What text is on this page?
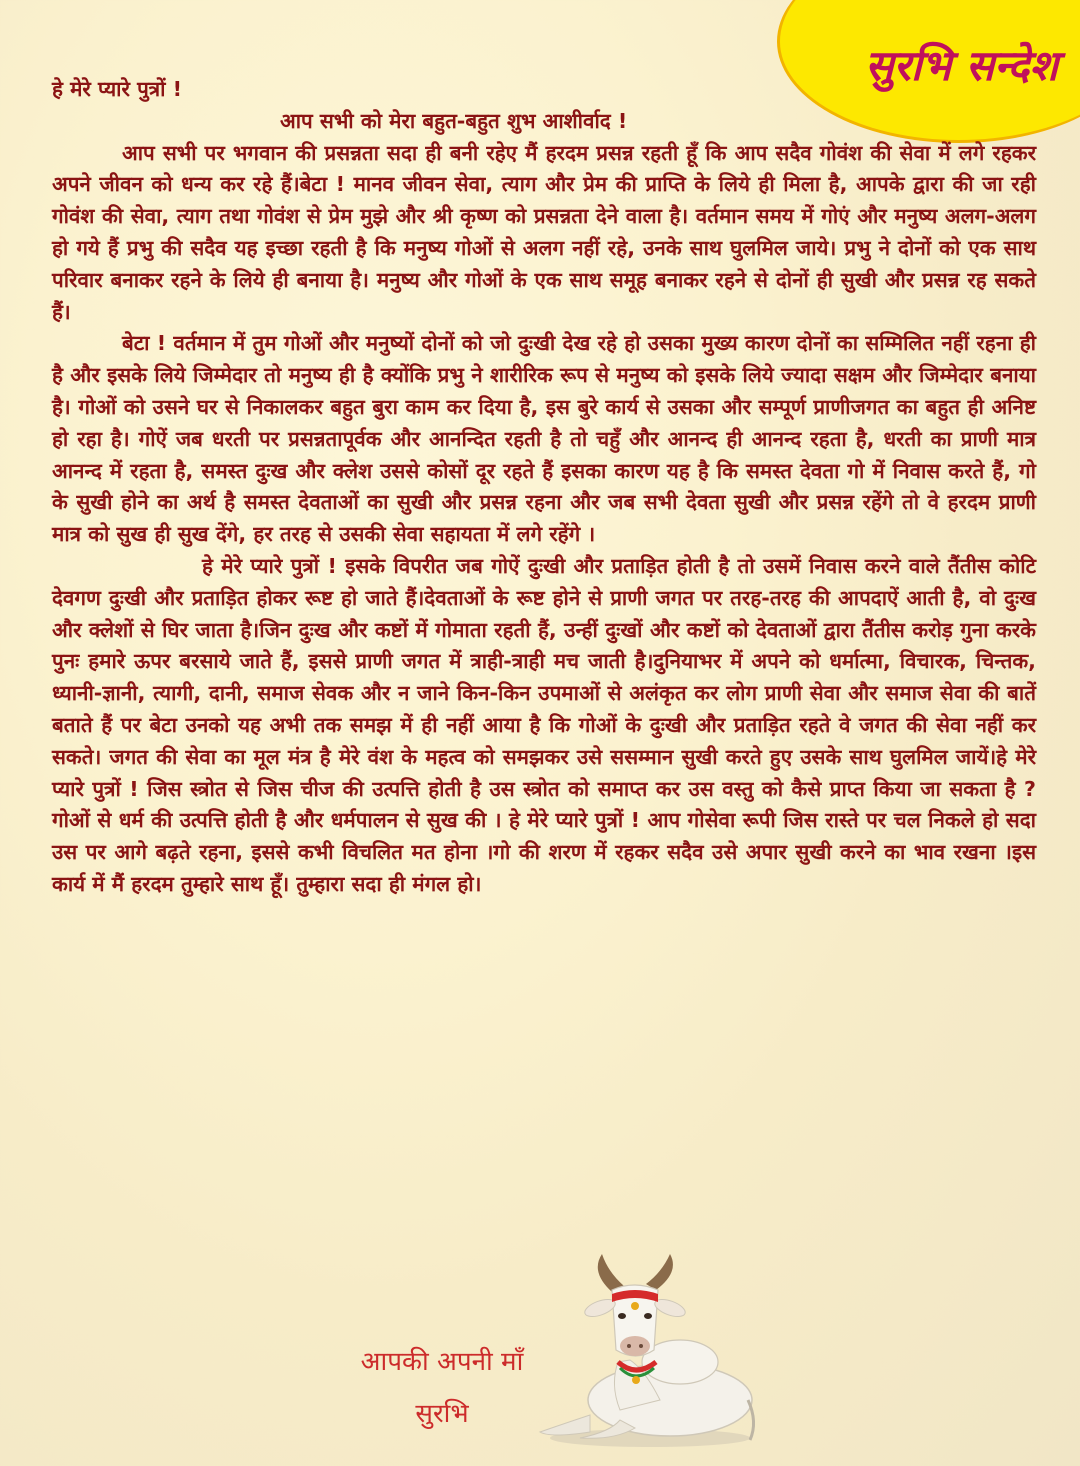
सुरभि सन्देश

हे मेरे प्यारे पुत्रों !

आप सभी को मेरा बहुत-बहुत शुभ आशीर्वाद !

आप सभी पर भगवान की प्रसन्नता सदा ही बनी रहेए मैं हरदम प्रसन्न रहती हूँ कि आप सदैव गोवंश की सेवा में लगे रहकर अपने जीवन को धन्य कर रहे हैं।बेटा ! मानव जीवन सेवा, त्याग और प्रेम की प्राप्ति के लिये ही मिला है, आपके द्वारा की जा रही गोवंश की सेवा, त्याग तथा गोवंश से प्रेम मुझे और श्री कृष्ण को प्रसन्नता देने वाला है। वर्तमान समय में गोएं और मनुष्य अलग-अलग हो गये हैं प्रभु की सदैव यह इच्छा रहती है कि मनुष्य गोओं से अलग नहीं रहे, उनके साथ घुलमिल जाये। प्रभु ने दोनों को एक साथ परिवार बनाकर रहने के लिये ही बनाया है। मनुष्य और गोओं के एक साथ समूह बनाकर रहने से दोनों ही सुखी और प्रसन्न रह सकते हैं।

बेटा ! वर्तमान में तुम गोओं और मनुष्यों दोनों को जो दुःखी देख रहे हो उसका मुख्य कारण दोनों का सम्मिलित नहीं रहना ही है और इसके लिये जिम्मेदार तो मनुष्य ही है क्योंकि प्रभु ने शारीरिक रूप से मनुष्य को इसके लिये ज्यादा सक्षम और जिम्मेदार बनाया है। गोओं को उसने घर से निकालकर बहुत बुरा काम कर दिया है, इस बुरे कार्य से उसका और सम्पूर्ण प्राणीजगत का बहुत ही अनिष्ट हो रहा है। गोऐं जब धरती पर प्रसन्नतापूर्वक और आनन्दित रहती है तो चहुँ और आनन्द ही आनन्द रहता है, धरती का प्राणी मात्र आनन्द में रहता है, समस्त दुःख और क्लेश उससे कोसों दूर रहते हैं इसका कारण यह है कि समस्त देवता गो में निवास करते हैं, गो के सुखी होने का अर्थ है समस्त देवताओं का सुखी और प्रसन्न रहना और जब सभी देवता सुखी और प्रसन्न रहेंगे तो वे हरदम प्राणी मात्र को सुख ही सुख देंगे, हर तरह से उसकी सेवा सहायता में लगे रहेंगे ।

हे मेरे प्यारे पुत्रों ! इसके विपरीत जब गोऐं दुःखी और प्रताड़ित होती है तो उसमें निवास करने वाले तैंतीस कोटि देवगण दुःखी और प्रताड़ित होकर रूष्ट हो जाते हैं।देवताओं के रूष्ट होने से प्राणी जगत पर तरह-तरह की आपदाऐं आती है, वो दुःख और क्लेशों से घिर जाता है।जिन दुःख और कष्टों में गोमाता रहती हैं, उन्हीं दुःखों और कष्टों को देवताओं द्वारा तैंतीस करोड़ गुना करके पुनः हमारे ऊपर बरसाये जाते हैं, इससे प्राणी जगत में त्राही-त्राही मच जाती है।दुनियाभर में अपने को धर्मात्मा, विचारक, चिन्तक, ध्यानी-ज्ञानी, त्यागी, दानी, समाज सेवक और न जाने किन-किन उपमाओं से अलंकृत कर लोग प्राणी सेवा और समाज सेवा की बातें बताते हैं पर बेटा उनको यह अभी तक समझ में ही नहीं आया है कि गोओं के दुःखी और प्रताड़ित रहते वे जगत की सेवा नहीं कर सकते। जगत की सेवा का मूल मंत्र है मेरे वंश के महत्व को समझकर उसे ससम्मान सुखी करते हुए उसके साथ घुलमिल जायें।हे मेरे प्यारे पुत्रों ! जिस स्त्रोत से जिस चीज की उत्पत्ति होती है उस स्त्रोत को समाप्त कर उस वस्तु को कैसे प्राप्त किया जा सकता है ? गोओं से धर्म की उत्पत्ति होती है और धर्मपालन से सुख की । हे मेरे प्यारे पुत्रों ! आप गोसेवा रूपी जिस रास्ते पर चल निकले हो सदा उस पर आगे बढ़ते रहना, इससे कभी विचलित मत होना ।गो की शरण में रहकर सदैव उसे अपार सुखी करने का भाव रखना ।इस कार्य में मैं हरदम तुम्हारे साथ हूँ। तुम्हारा सदा ही मंगल हो।

आपकी अपनी माँ
सुरभि
